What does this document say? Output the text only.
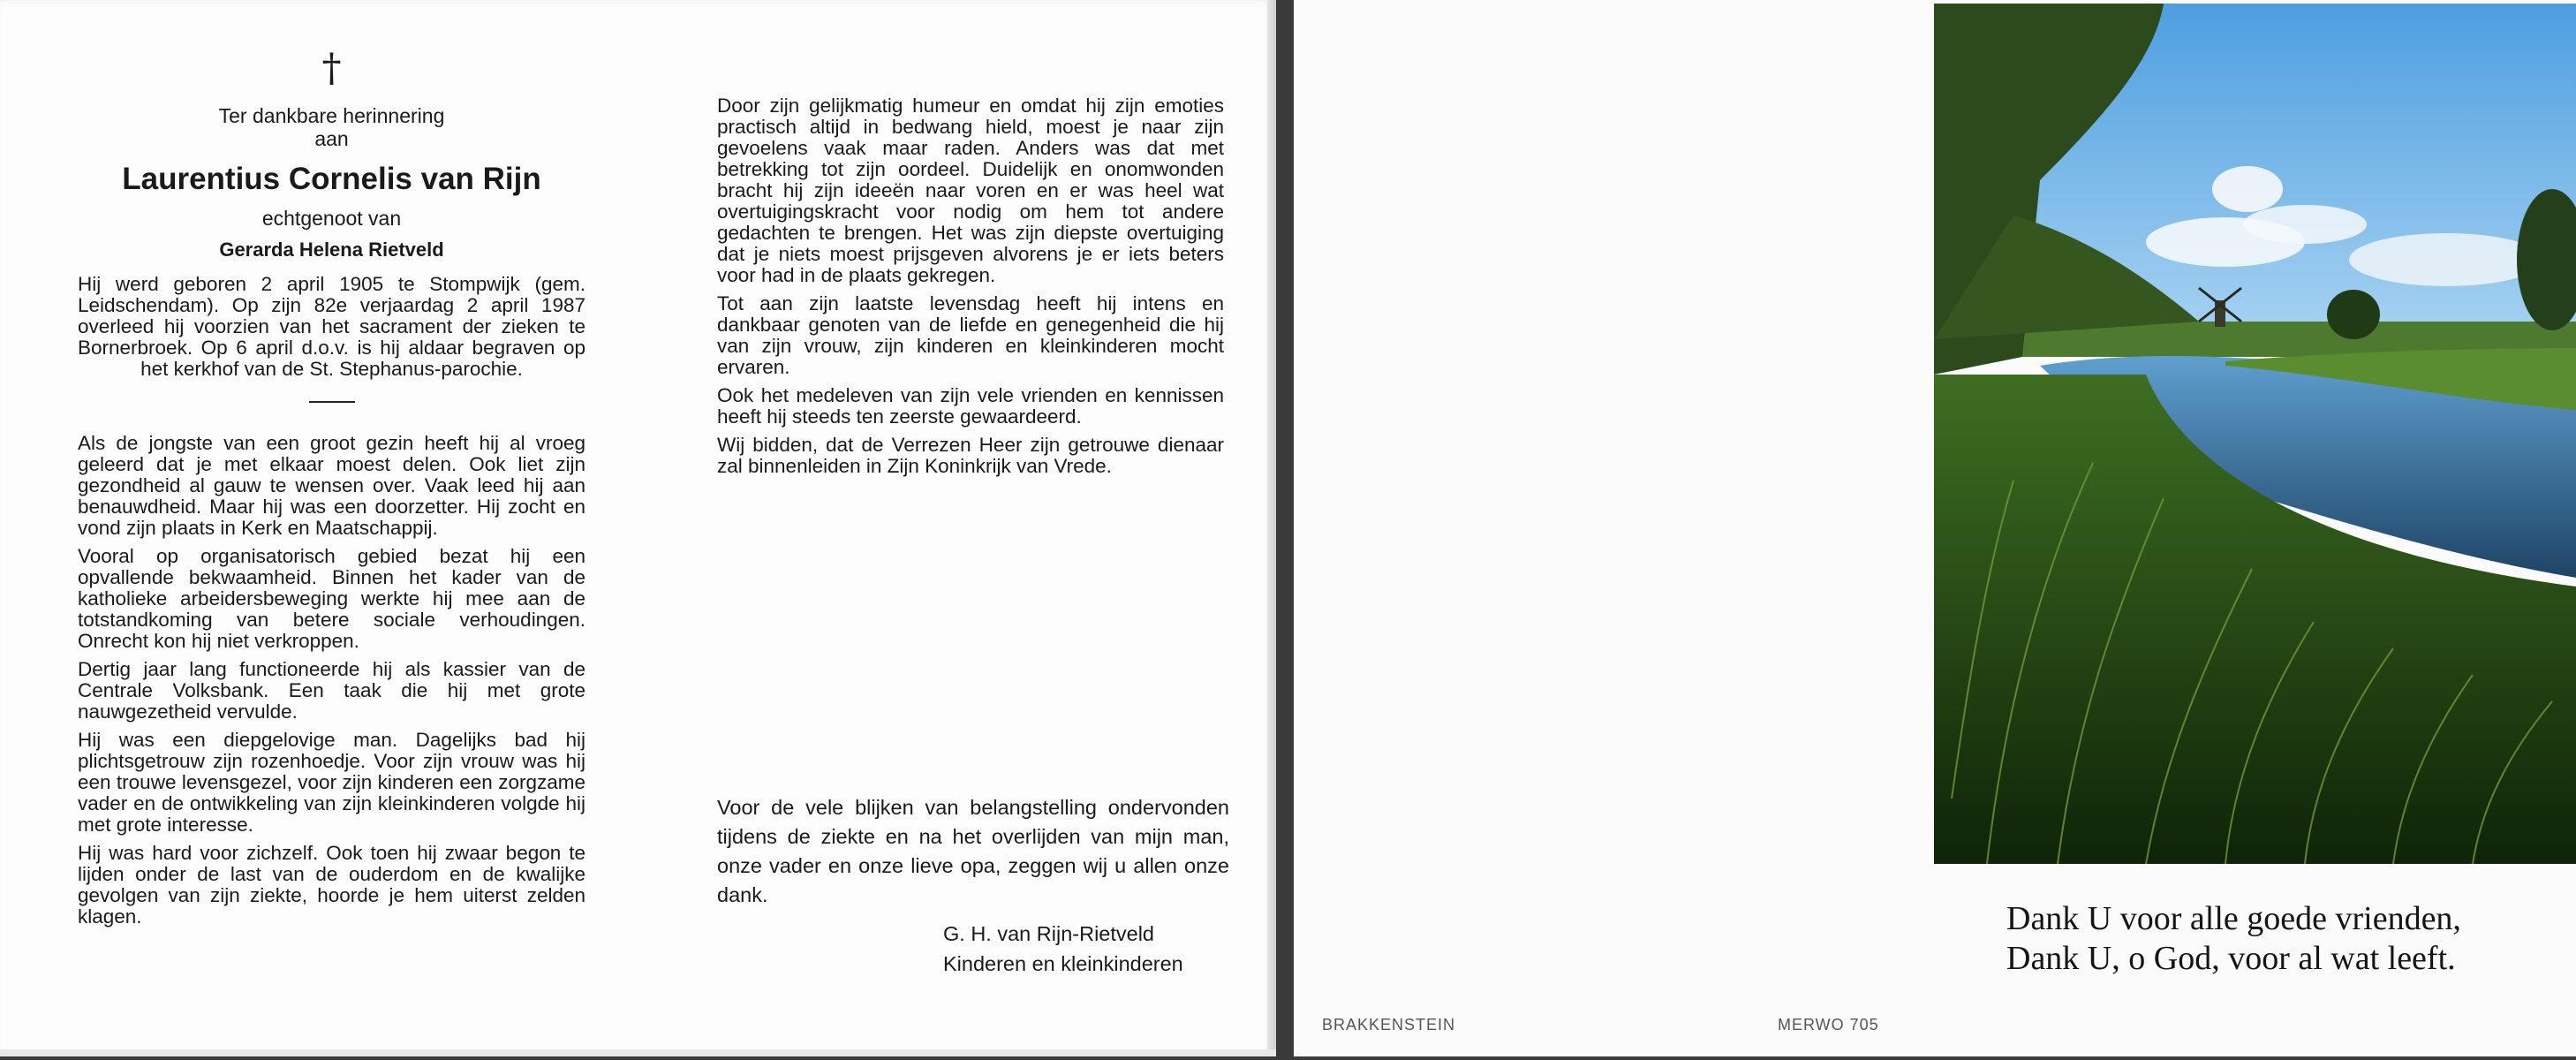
†
Ter dankbare herinnering
aan
Laurentius Cornelis van Rijn
echtgenoot van
Gerarda Helena Rietveld

Hij werd geboren 2 april 1905 te Stompwijk (gem. Leidschendam). Op zijn 82e verjaardag 2 april 1987 overleed hij voorzien van het sacrament der zieken te Bornerbroek. Op 6 april d.o.v. is hij aldaar begraven op het kerkhof van de St. Stephanus-parochie.

Als de jongste van een groot gezin heeft hij al vroeg geleerd dat je met elkaar moest delen. Ook liet zijn gezondheid al gauw te wensen over. Vaak leed hij aan benauwdheid. Maar hij was een doorzetter. Hij zocht en vond zijn plaats in Kerk en Maatschappij.

Vooral op organisatorisch gebied bezat hij een opvallende bekwaamheid. Binnen het kader van de katholieke arbeidersbeweging werkte hij mee aan de totstandkoming van betere sociale verhoudingen. Onrecht kon hij niet verkroppen.

Dertig jaar lang functioneerde hij als kassier van de Centrale Volksbank. Een taak die hij met grote nauwgezetheid vervulde.

Hij was een diepgelovige man. Dagelijks bad hij plichtsgetrouw zijn rozenhoedje. Voor zijn vrouw was hij een trouwe levensgezel, voor zijn kinderen een zorgzame vader en de ontwikkeling van zijn kleinkinderen volgde hij met grote interesse.

Hij was hard voor zichzelf. Ook toen hij zwaar begon te lijden onder de last van de ouderdom en de kwalijke gevolgen van zijn ziekte, hoorde je hem uiterst zelden klagen.

Door zijn gelijkmatig humeur en omdat hij zijn emoties practisch altijd in bedwang hield, moest je naar zijn gevoelens vaak maar raden. Anders was dat met betrekking tot zijn oordeel. Duidelijk en onomwonden bracht hij zijn ideeën naar voren en er was heel wat overtuigingskracht voor nodig om hem tot andere gedachten te brengen. Het was zijn diepste overtuiging dat je niets moest prijsgeven alvorens je er iets beters voor had in de plaats gekregen.

Tot aan zijn laatste levensdag heeft hij intens en dankbaar genoten van de liefde en genegenheid die hij van zijn vrouw, zijn kinderen en kleinkinderen mocht ervaren.

Ook het medeleven van zijn vele vrienden en kennissen heeft hij steeds ten zeerste gewaardeerd.

Wij bidden, dat de Verrezen Heer zijn getrouwe dienaar zal binnenleiden in Zijn Koninkrijk van Vrede.

Voor de vele blijken van belangstelling ondervonden tijdens de ziekte en na het overlijden van mijn man, onze vader en onze lieve opa, zeggen wij u allen onze dank.
G. H. van Rijn-Rietveld
Kinderen en kleinkinderen
BRAKKENSTEIN	MERWO 705
Dank U voor alle goede vrienden,
Dank U, o God, voor al wat leeft.
